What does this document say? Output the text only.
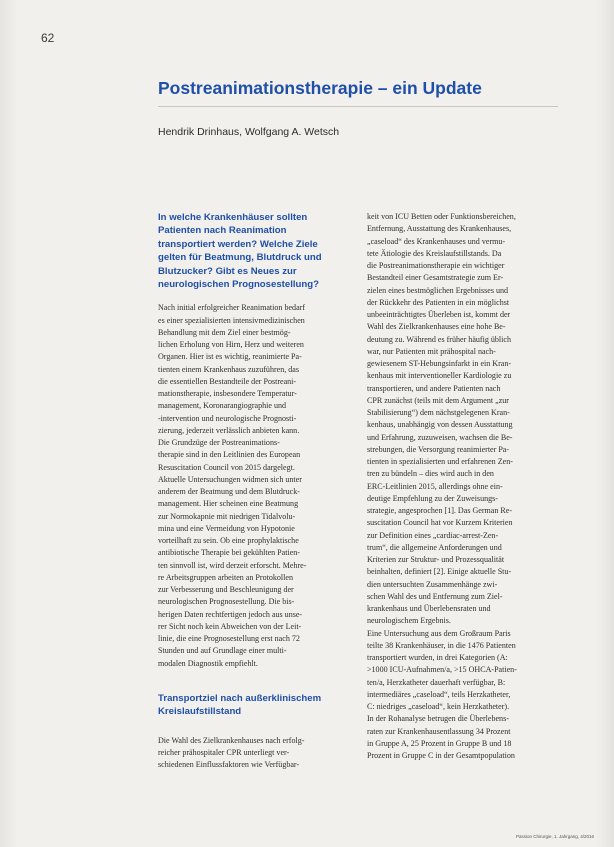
62
Postreanimationstherapie – ein Update
Hendrik Drinhaus, Wolfgang A. Wetsch
In welche Krankenhäuser sollten
Patienten nach Reanimation
transportiert werden? Welche Ziele
gelten für Beatmung, Blutdruck und
Blutzucker? Gibt es Neues zur
neurologischen Prognosestellung?
Nach initial erfolgreicher Reanimation bedarf
es einer spezialisierten intensivmedizinischen
Behandlung mit dem Ziel einer bestmög-
lichen Erholung von Hirn, Herz und weiteren
Organen. Hier ist es wichtig, reanimierte Pa-
tienten einem Krankenhaus zuzuführen, das
die essentiellen Bestandteile der Postreani-
mationstherapie, insbesondere Temperatur-
management, Koronarangiographie und
-intervention und neurologische Prognosti-
zierung, jederzeit verlässlich anbieten kann.
Die Grundzüge der Postreanimations-
therapie sind in den Leitlinien des European
Resuscitation Council von 2015 dargelegt.
Aktuelle Untersuchungen widmen sich unter
anderem der Beatmung und dem Blutdruck-
management. Hier scheinen eine Beatmung
zur Normokapnie mit niedrigen Tidalvolu-
mina und eine Vermeidung von Hypotonie
vorteilhaft zu sein. Ob eine prophylaktische
antibiotische Therapie bei gekühlten Patien-
ten sinnvoll ist, wird derzeit erforscht. Mehre-
re Arbeitsgruppen arbeiten an Protokollen
zur Verbesserung und Beschleunigung der
neurologischen Prognosestellung. Die bis-
herigen Daten rechtfertigen jedoch aus unse-
rer Sicht noch kein Abweichen von der Leit-
linie, die eine Prognosestellung erst nach 72
Stunden und auf Grundlage einer multi-
modalen Diagnostik empfiehlt.
Transportziel nach außerklinischem
Kreislaufstillstand
Die Wahl des Zielkrankenhauses nach erfolg-
reicher prähospitaler CPR unterliegt ver-
schiedenen Einflussfaktoren wie Verfügbar-
keit von ICU Betten oder Funktionsbereichen,
Entfernung, Ausstattung des Krankenhauses,
„caseload“ des Krankenhauses und vermu-
tete Ätiologie des Kreislaufstillstands. Da
die Postreanimationstherapie ein wichtiger
Bestandteil einer Gesamtstrategie zum Er-
zielen eines bestmöglichen Ergebnisses und
der Rückkehr des Patienten in ein möglichst
unbeeinträchtigtes Überleben ist, kommt der
Wahl des Zielkrankenhauses eine hohe Be-
deutung zu. Während es früher häufig üblich
war, nur Patienten mit prähospital nach-
gewiesenem ST-Hebungsinfarkt in ein Kran-
kenhaus mit interventioneller Kardiologie zu
transportieren, und andere Patienten nach
CPR zunächst (teils mit dem Argument „zur
Stabilisierung“) dem nächstgelegenen Kran-
kenhaus, unabhängig von dessen Ausstattung
und Erfahrung, zuzuweisen, wachsen die Be-
strebungen, die Versorgung reanimierter Pa-
tienten in spezialisierten und erfahrenen Zen-
tren zu bündeln – dies wird auch in den
ERC-Leitlinien 2015, allerdings ohne ein-
deutige Empfehlung zu der Zuweisungs-
strategie, angesprochen [1]. Das German Re-
suscitation Council hat vor Kurzem Kriterien
zur Definition eines „cardiac-arrest-Zen-
trum“, die allgemeine Anforderungen und
Kriterien zur Struktur- und Prozessqualität
beinhalten, definiert [2]. Einige aktuelle Stu-
dien untersuchten Zusammenhänge zwi-
schen Wahl des und Entfernung zum Ziel-
krankenhaus und Überlebensraten und
neurologischem Ergebnis.
Eine Untersuchung aus dem Großraum Paris
teilte 38 Krankenhäuser, in die 1476 Patienten
transportiert wurden, in drei Kategorien (A:
>1000 ICU-Aufnahmen/a, >15 OHCA-Patien-
ten/a, Herzkatheter dauerhaft verfügbar, B:
intermediäres „caseload“, teils Herzkatheter,
C: niedriges „caseload“, kein Herzkatheter).
In der Rohanalyse betrugen die Überlebens-
raten zur Krankenhausentlassung 34 Prozent
in Gruppe A, 25 Prozent in Gruppe B und 18
Prozent in Gruppe C in der Gesamtpopulation
Passion Chirurgie, 1. Jahrgang, 4/2016
